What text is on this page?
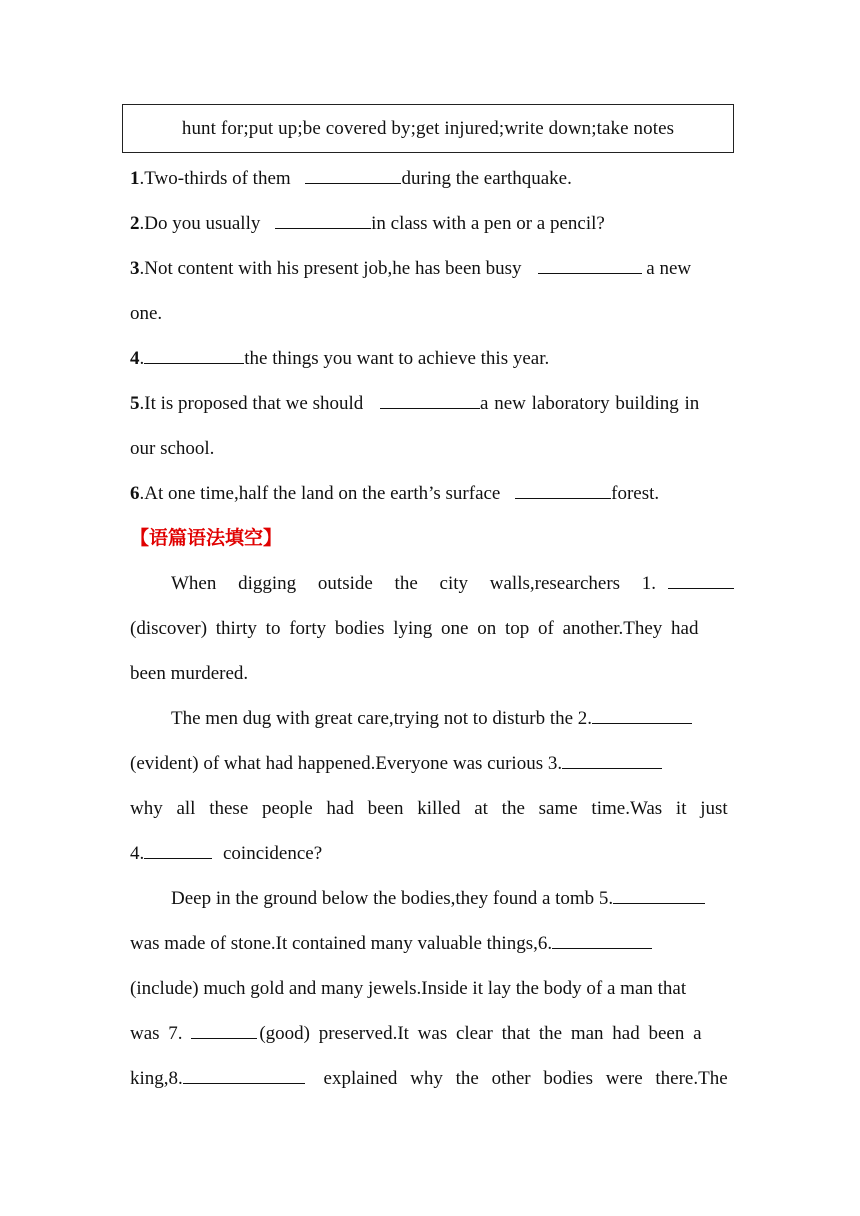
hunt for;put up;be covered by;get injured;write down;take notes
1.Two-thirds of them	during the earthquake.
2.Do you usually	in class with a pen or a pencil?
3.Not content with his present job,he has been busy	a new
one.
4.	the things you want to achieve this year.
5.It is proposed that we should	a new laboratory building in
our school.
6.At one time,half the land on the earth’s surface	forest.
【语篇语法填空】
When digging outside the city walls,researchers 1.
(discover) thirty to forty bodies lying one on top of another.They had
been murdered.
The men dug with great care,trying not to disturb the 2.
(evident) of what had happened.Everyone was curious 3.
why all these people had been killed at the same time.Was it just
4.	coincidence?
Deep in the ground below the bodies,they found a tomb 5.
was made of stone.It contained many valuable things,6.
(include) much gold and many jewels.Inside it lay the body of a man that
was 7.	(good) preserved.It was clear that the man had been a
king,8.	explained why the other bodies were there.The
